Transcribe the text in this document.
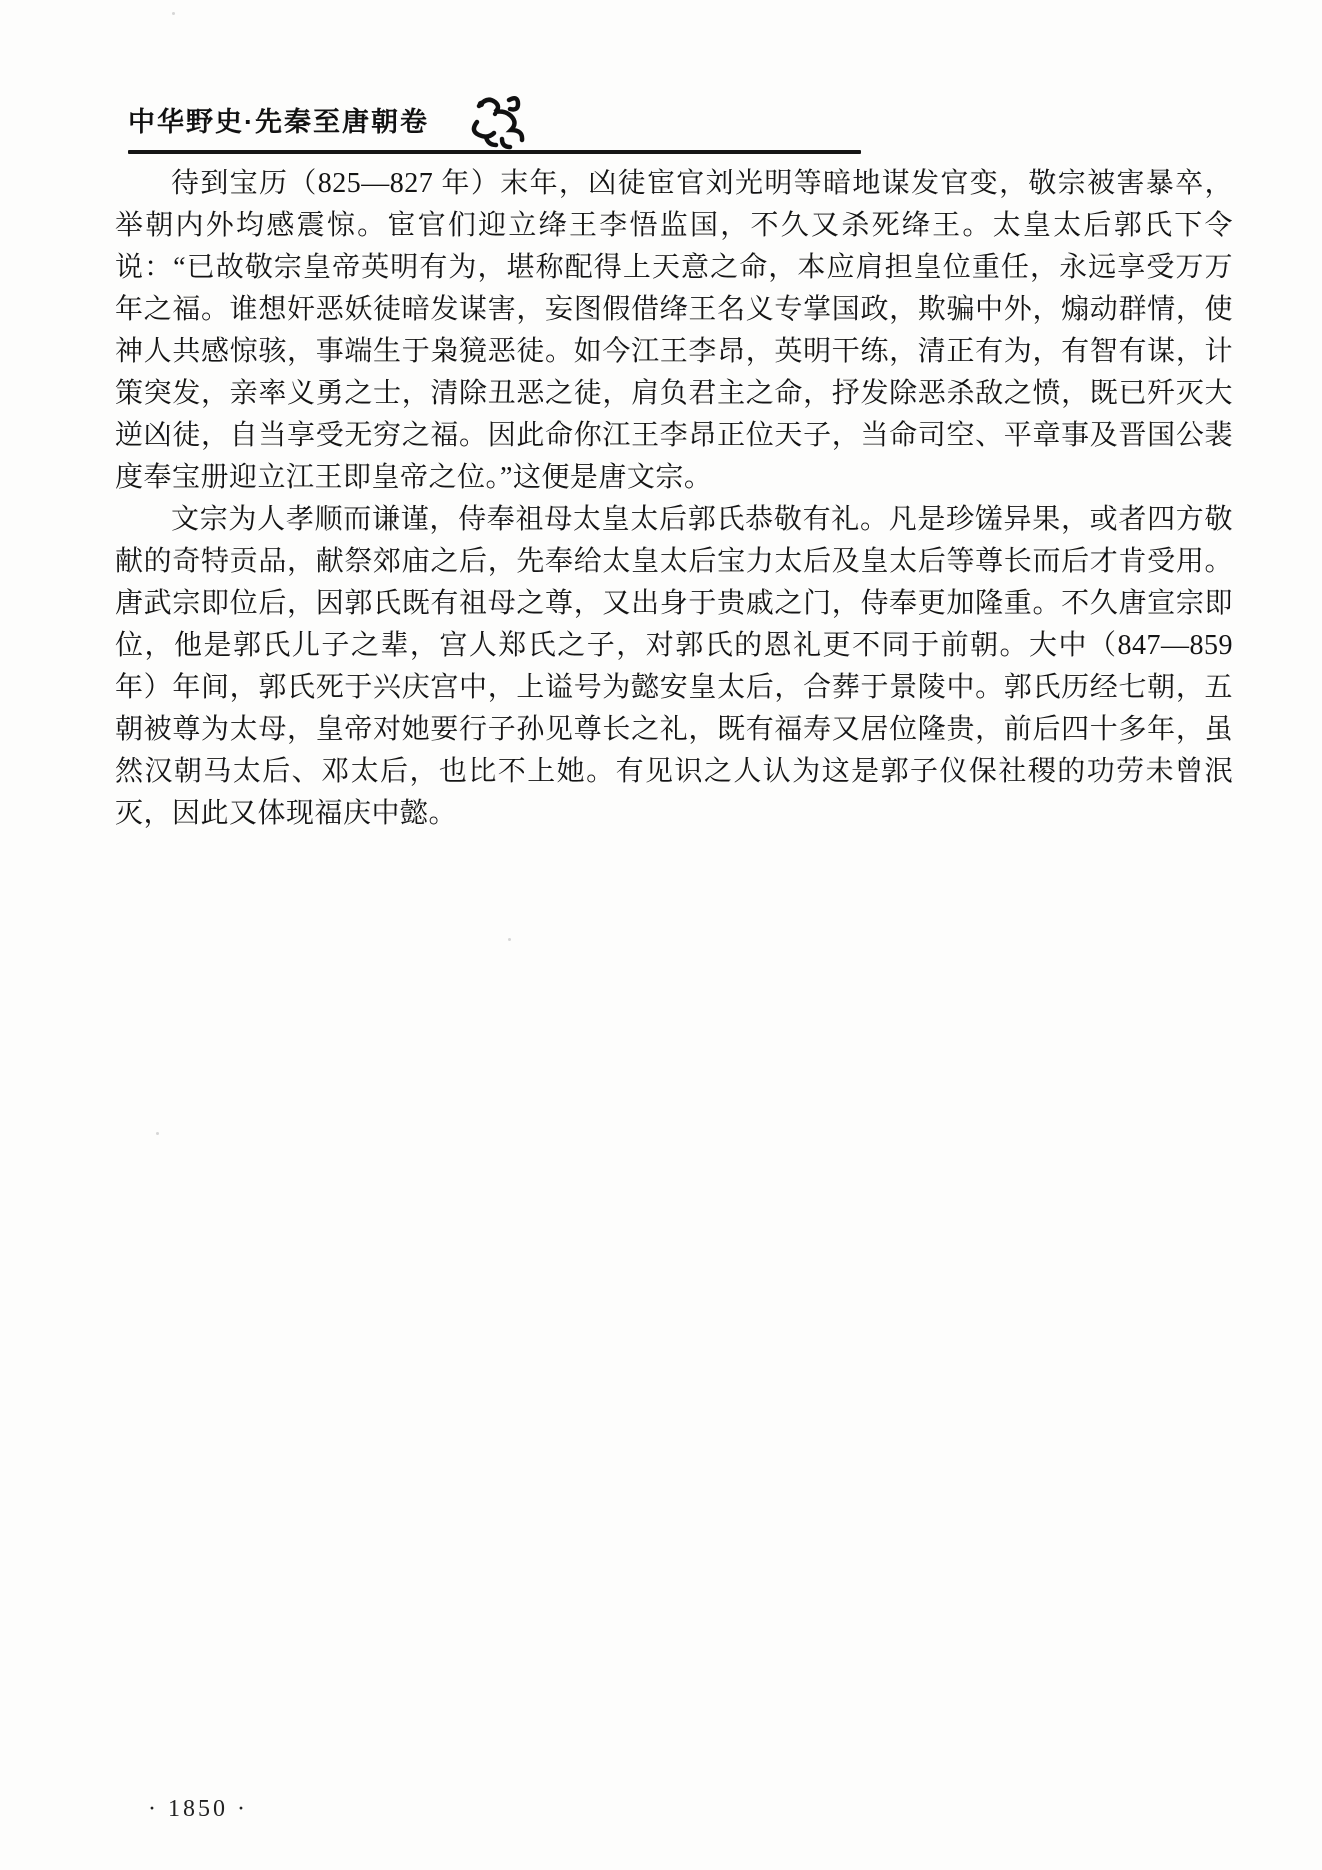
中华野史·先秦至唐朝卷

待到宝历（825—827 年）末年，凶徒宦官刘光明等暗地谋发官变，敬宗被害暴卒，举朝内外均感震惊。宦官们迎立绛王李悟监国，不久又杀死绛王。太皇太后郭氏下令说：“已故敬宗皇帝英明有为，堪称配得上天意之命，本应肩担皇位重任，永远享受万万年之福。谁想奸恶妖徒暗发谋害，妄图假借绛王名义专掌国政，欺骗中外，煽动群情，使神人共感惊骇，事端生于枭獍恶徒。如今江王李昂，英明干练，清正有为，有智有谋，计策突发，亲率义勇之士，清除丑恶之徒，肩负君主之命，抒发除恶杀敌之愤，既已歼灭大逆凶徒，自当享受无穷之福。因此命你江王李昂正位天子，当命司空、平章事及晋国公裴度奉宝册迎立江王即皇帝之位。”这便是唐文宗。

文宗为人孝顺而谦谨，侍奉祖母太皇太后郭氏恭敬有礼。凡是珍馐异果，或者四方敬献的奇特贡品，献祭郊庙之后，先奉给太皇太后宝力太后及皇太后等尊长而后才肯受用。唐武宗即位后，因郭氏既有祖母之尊，又出身于贵戚之门，侍奉更加隆重。不久唐宣宗即位，他是郭氏儿子之辈，宫人郑氏之子，对郭氏的恩礼更不同于前朝。大中（847—859年）年间，郭氏死于兴庆宫中，上谥号为懿安皇太后，合葬于景陵中。郭氏历经七朝，五朝被尊为太母，皇帝对她要行子孙见尊长之礼，既有福寿又居位隆贵，前后四十多年，虽然汉朝马太后、邓太后，也比不上她。有见识之人认为这是郭子仪保社稷的功劳未曾泯灭，因此又体现福庆中懿。

· 1850 ·
